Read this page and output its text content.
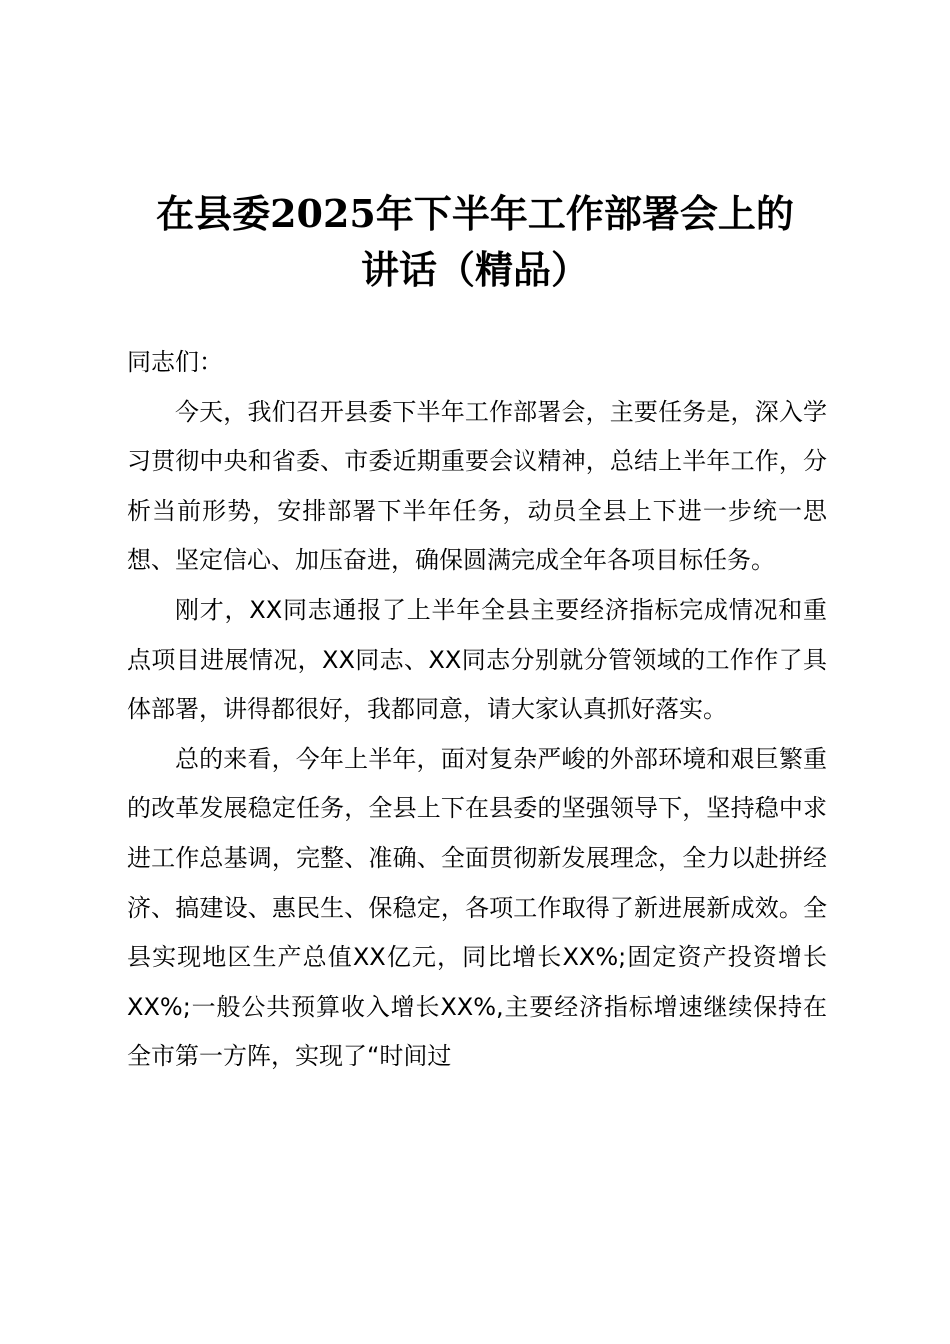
在县委2025年下半年工作部署会上的
讲话（精品）

同志们：

今天，我们召开县委下半年工作部署会，主要任务是，深入学习贯彻中央和省委、市委近期重要会议精神，总结上半年工作，分析当前形势，安排部署下半年任务，动员全县上下进一步统一思想、坚定信心、加压奋进，确保圆满完成全年各项目标任务。

刚才，XX同志通报了上半年全县主要经济指标完成情况和重点项目进展情况，XX同志、XX同志分别就分管领域的工作作了具体部署，讲得都很好，我都同意，请大家认真抓好落实。

总的来看，今年上半年，面对复杂严峻的外部环境和艰巨繁重的改革发展稳定任务，全县上下在县委的坚强领导下，坚持稳中求进工作总基调，完整、准确、全面贯彻新发展理念，全力以赴拼经济、搞建设、惠民生、保稳定，各项工作取得了新进展新成效。全县实现地区生产总值XX亿元，同比增长XX%;固定资产投资增长XX%;一般公共预算收入增长XX%,主要经济指标增速继续保持在全市第一方阵，实现了“时间过
